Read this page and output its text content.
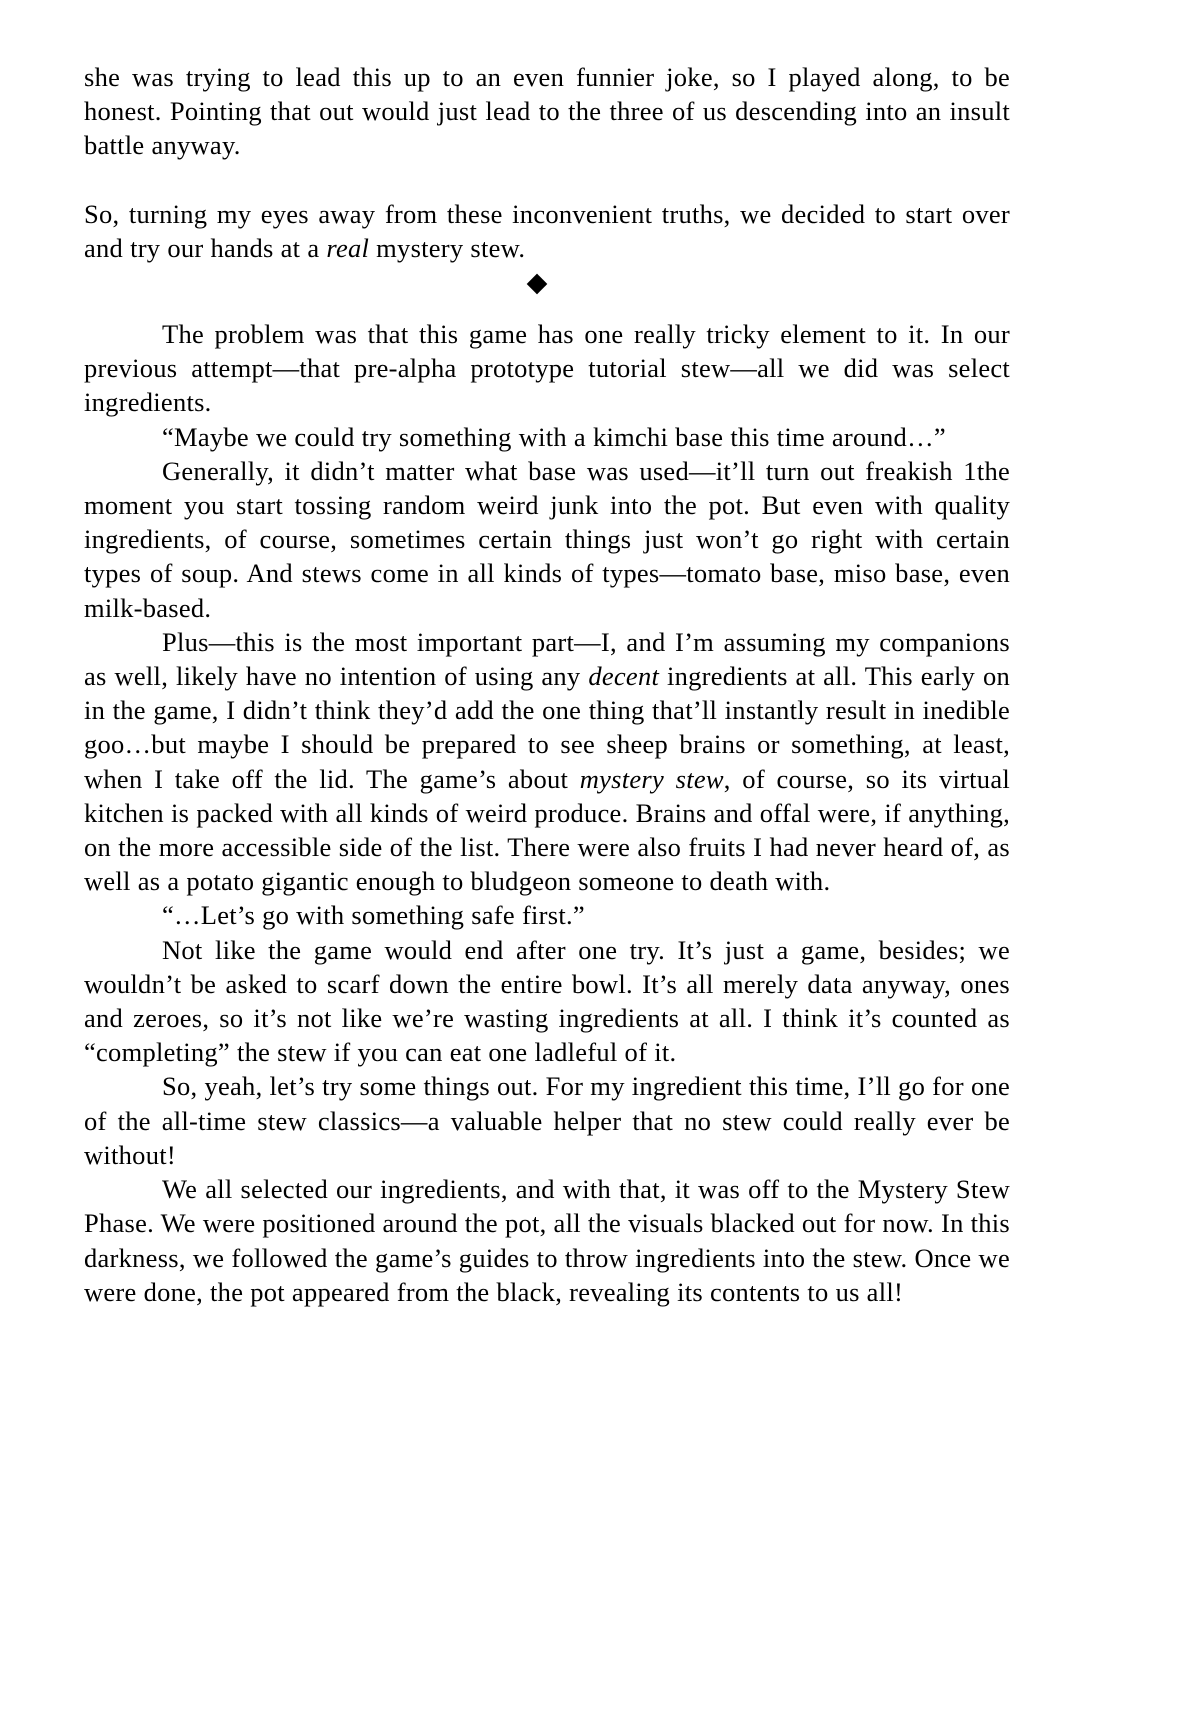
she was trying to lead this up to an even funnier joke, so I played along, to be honest. Pointing that out would just lead to the three of us descending into an insult battle anyway.

So, turning my eyes away from these inconvenient truths, we decided to start over and try our hands at a real mystery stew.

◆

The problem was that this game has one really tricky element to it. In our previous attempt—that pre-alpha prototype tutorial stew—all we did was select ingredients.

“Maybe we could try something with a kimchi base this time around…”

Generally, it didn’t matter what base was used—it’ll turn out freakish 1the moment you start tossing random weird junk into the pot. But even with quality ingredients, of course, sometimes certain things just won’t go right with certain types of soup. And stews come in all kinds of types—tomato base, miso base, even milk-based.

Plus—this is the most important part—I, and I’m assuming my companions as well, likely have no intention of using any decent ingredients at all. This early on in the game, I didn’t think they’d add the one thing that’ll instantly result in inedible goo…but maybe I should be prepared to see sheep brains or something, at least, when I take off the lid. The game’s about mystery stew, of course, so its virtual kitchen is packed with all kinds of weird produce. Brains and offal were, if anything, on the more accessible side of the list. There were also fruits I had never heard of, as well as a potato gigantic enough to bludgeon someone to death with.

“…Let’s go with something safe first.”

Not like the game would end after one try. It’s just a game, besides; we wouldn’t be asked to scarf down the entire bowl. It’s all merely data anyway, ones and zeroes, so it’s not like we’re wasting ingredients at all. I think it’s counted as “completing” the stew if you can eat one ladleful of it.

So, yeah, let’s try some things out. For my ingredient this time, I’ll go for one of the all-time stew classics—a valuable helper that no stew could really ever be without!

We all selected our ingredients, and with that, it was off to the Mystery Stew Phase. We were positioned around the pot, all the visuals blacked out for now. In this darkness, we followed the game’s guides to throw ingredients into the stew. Once we were done, the pot appeared from the black, revealing its contents to us all!
